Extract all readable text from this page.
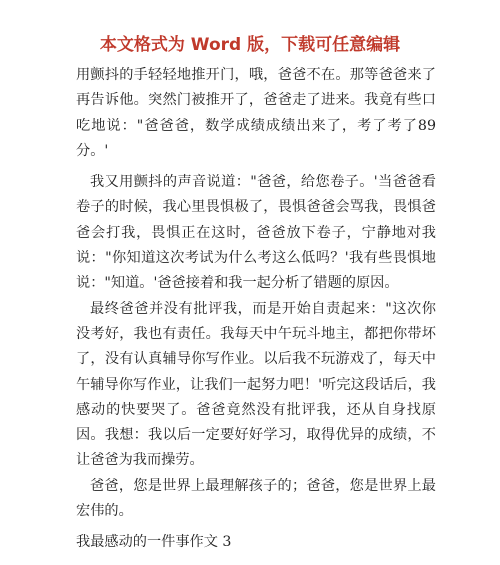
本文格式为 Word 版，下载可任意编辑

用颤抖的手轻轻地推开门，哦，爸爸不在。那等爸爸来了再告诉他。突然门被推开了，爸爸走了进来。我竟有些口吃地说："爸爸爸，数学成绩成绩出来了，考了考了89分。'

我又用颤抖的声音说道："爸爸，给您卷子。'当爸爸看卷子的时候，我心里畏惧极了，畏惧爸爸会骂我，畏惧爸爸会打我，畏惧正在这时，爸爸放下卷子，宁静地对我说："你知道这次考试为什么考这么低吗？'我有些畏惧地说："知道。'爸爸接着和我一起分析了错题的原因。

最终爸爸并没有批评我，而是开始自责起来："这次你没考好，我也有责任。我每天中午玩斗地主，都把你带坏了，没有认真辅导你写作业。以后我不玩游戏了，每天中午辅导你写作业，让我们一起努力吧！'听完这段话后，我感动的快要哭了。爸爸竟然没有批评我，还从自身找原因。我想：我以后一定要好好学习，取得优异的成绩，不让爸爸为我而操劳。

爸爸，您是世界上最理解孩子的；爸爸，您是世界上最宏伟的。

我最感动的一件事作文 3
